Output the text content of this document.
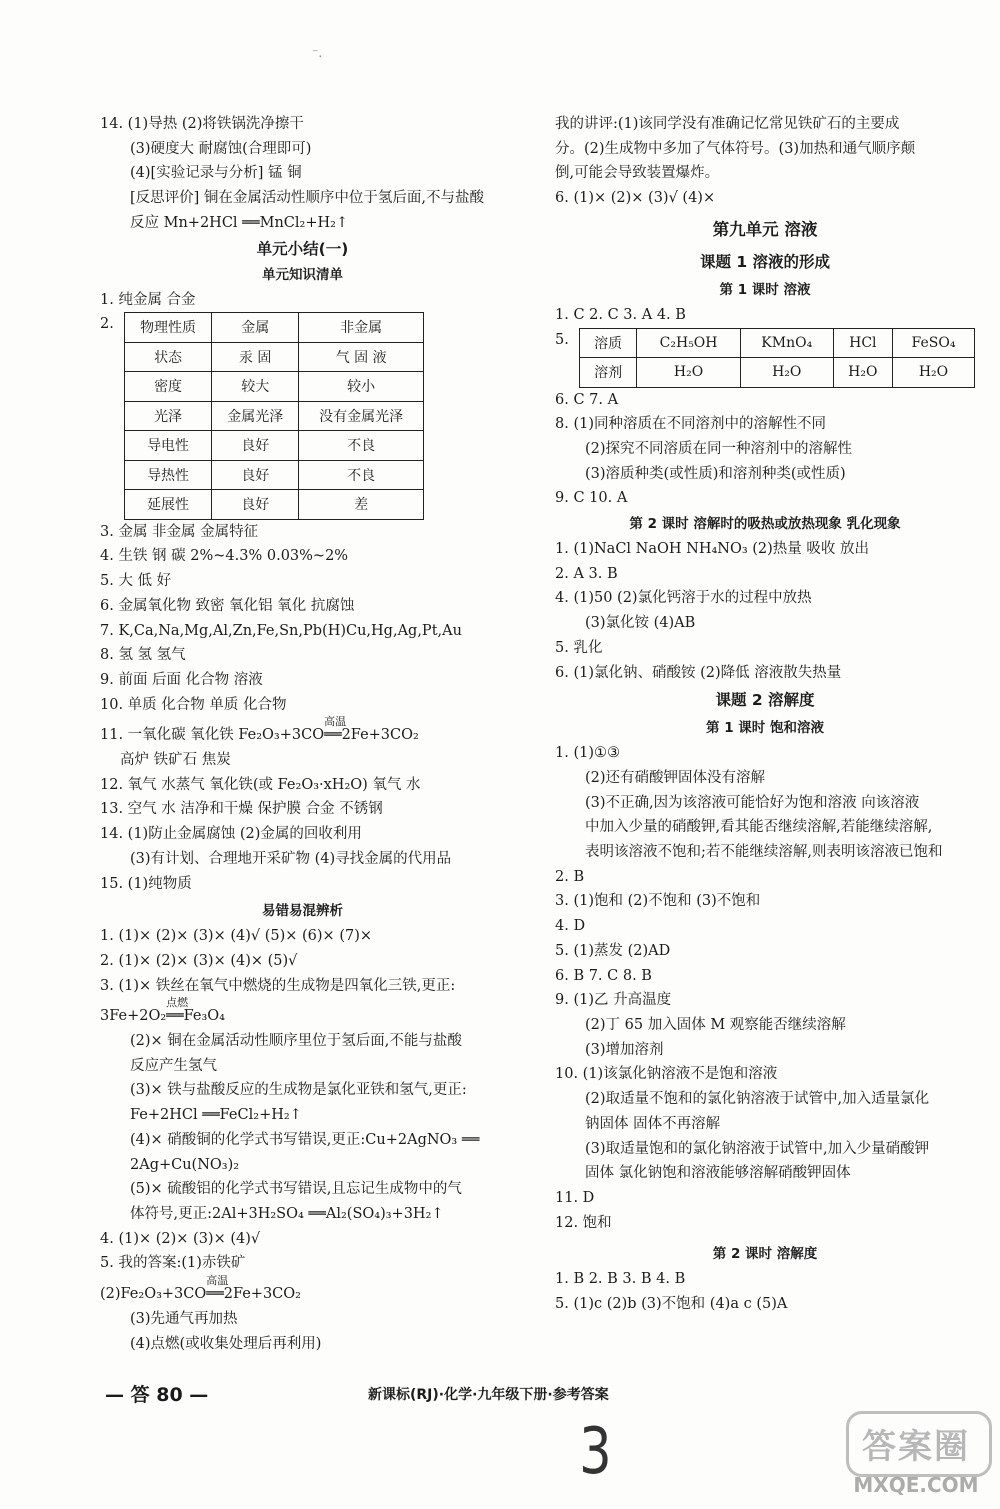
⁻.
14. (1)导热 (2)将铁锅洗净擦干
(3)硬度大 耐腐蚀(合理即可)
(4)[实验记录与分析] 锰 铜
[反思评价] 铜在金属活动性顺序中位于氢后面,不与盐酸
反应 Mn+2HCl ══MnCl₂+H₂↑
单元小结(一)
单元知识清单
1. 纯金属 合金
2.	物理性质	金属	非金属
状态	汞 固	气 固 液
密度	较大	较小
光泽	金属光泽	没有金属光泽
导电性	良好	不良
导热性	良好	不良
延展性	良好	差
3. 金属 非金属 金属特征
4. 生铁 钢 碳 2%~4.3% 0.03%~2%
5. 大 低 好
6. 金属氧化物 致密 氧化铝 氧化 抗腐蚀
7. K,Ca,Na,Mg,Al,Zn,Fe,Sn,Pb(H)Cu,Hg,Ag,Pt,Au
8. 氢 氢 氢气
9. 前面 后面 化合物 溶液
10. 单质 化合物 单质 化合物
11. 一氧化碳 氧化铁 Fe₂O₃+3CO
高温
══2Fe+3CO₂
高炉 铁矿石 焦炭
12. 氧气 水蒸气 氧化铁(或 Fe₂O₃·xH₂O) 氧气 水
13. 空气 水 洁净和干燥 保护膜 合金 不锈钢
14. (1)防止金属腐蚀 (2)金属的回收利用
(3)有计划、合理地开采矿物 (4)寻找金属的代用品
15. (1)纯物质
易错易混辨析
1. (1)× (2)× (3)× (4)√ (5)× (6)× (7)×
2. (1)× (2)× (3)× (4)× (5)√
3. (1)× 铁丝在氧气中燃烧的生成物是四氧化三铁,更正:
3Fe+2O₂
点燃
══Fe₃O₄
(2)× 铜在金属活动性顺序里位于氢后面,不能与盐酸
反应产生氢气
(3)× 铁与盐酸反应的生成物是氯化亚铁和氢气,更正:
Fe+2HCl ══FeCl₂+H₂↑
(4)× 硝酸铜的化学式书写错误,更正:Cu+2AgNO₃ ══
2Ag+Cu(NO₃)₂
(5)× 硫酸铝的化学式书写错误,且忘记生成物中的气
体符号,更正:2Al+3H₂SO₄ ══Al₂(SO₄)₃+3H₂↑
4. (1)× (2)× (3)× (4)√
5. 我的答案:(1)赤铁矿
(2)Fe₂O₃+3CO
高温
══2Fe+3CO₂
(3)先通气再加热
(4)点燃(或收集处理后再利用)
我的讲评:(1)该同学没有准确记忆常见铁矿石的主要成
分。(2)生成物中多加了气体符号。(3)加热和通气顺序颠
倒,可能会导致装置爆炸。
6. (1)× (2)× (3)√ (4)×
第九单元 溶液
课题 1 溶液的形成
第 1 课时 溶液
1. C 2. C 3. A 4. B
5.	溶质	C₂H₅OH	KMnO₄	HCl	FeSO₄
溶剂	H₂O	H₂O	H₂O	H₂O
6. C 7. A
8. (1)同种溶质在不同溶剂中的溶解性不同
(2)探究不同溶质在同一种溶剂中的溶解性
(3)溶质种类(或性质)和溶剂种类(或性质)
9. C 10. A
第 2 课时 溶解时的吸热或放热现象 乳化现象
1. (1)NaCl NaOH NH₄NO₃ (2)热量 吸收 放出
2. A 3. B
4. (1)50 (2)氯化钙溶于水的过程中放热
(3)氯化铵 (4)AB
5. 乳化
6. (1)氯化钠、硝酸铵 (2)降低 溶液散失热量
课题 2 溶解度
第 1 课时 饱和溶液
1. (1)①③
(2)还有硝酸钾固体没有溶解
(3)不正确,因为该溶液可能恰好为饱和溶液 向该溶液
中加入少量的硝酸钾,看其能否继续溶解,若能继续溶解,
表明该溶液不饱和;若不能继续溶解,则表明该溶液已饱和
2. B
3. (1)饱和 (2)不饱和 (3)不饱和
4. D
5. (1)蒸发 (2)AD
6. B 7. C 8. B
9. (1)乙 升高温度
(2)丁 65 加入固体 M 观察能否继续溶解
(3)增加溶剂
10. (1)该氯化钠溶液不是饱和溶液
(2)取适量不饱和的氯化钠溶液于试管中,加入适量氯化
钠固体 固体不再溶解
(3)取适量饱和的氯化钠溶液于试管中,加入少量硝酸钾
固体 氯化钠饱和溶液能够溶解硝酸钾固体
11. D
12. 饱和
第 2 课时 溶解度
1. B 2. B 3. B 4. B
5. (1)c (2)b (3)不饱和 (4)a c (5)A
— 答 80 —	新课标(RJ)·化学·九年级下册·参考答案
3	答案圈
MXQE.COM
